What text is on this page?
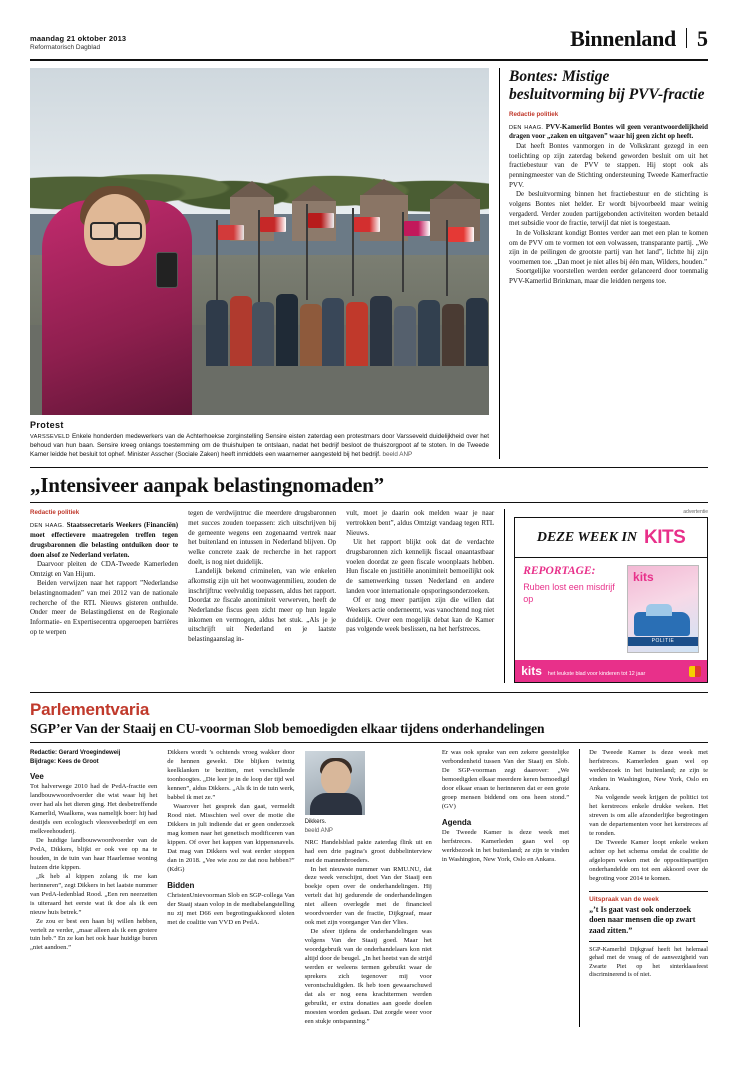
maandag 21 oktober 2013
Reformatorisch Dagblad	Binnenland 5
Protest
VARSSEVELD Enkele honderden medewerkers van de Achterhoekse zorginstelling Sensire eisten zaterdag een protestmars door Varsseveld duidelijkheid over het behoud van hun baan. Sensire kreeg onlangs toestemming om de thuishulpen te ontslaan, nadat het bedrijf besloot de thuiszorgpoot af te stoten. In de Tweede Kamer leidde het besluit tot ophef. Minister Asscher (Sociale Zaken) heeft inmiddels een waarnemer aangesteld bij het bedrijf. beeld ANP
Bontes: Mistige besluitvorming bij PVV-fractie
Redactie politiek

DEN HAAG. PVV-Kamerlid Bontes wil geen verantwoordelijkheid dragen voor „zaken en uitgaven” waar hij geen zicht op heeft.

Dat heeft Bontes vanmorgen in de Volkskrant gezegd in een toelichting op zijn zaterdag bekend geworden besluit om uit het fractiebestuur van de PVV te stappen. Hij stopt ook als penningmeester van de Stichting ondersteuning Tweede Kamerfractie PVV.

De besluitvorming binnen het fractiebestuur en de stichting is volgens Bontes niet helder. Er wordt bijvoorbeeld maar weinig vergaderd. Verder zouden partijgebonden activiteiten worden betaald met subsidie voor de fractie, terwijl dat niet is toegestaan.

In de Volkskrant kondigt Bontes verder aan met een plan te komen om de PVV om te vormen tot een volwassen, transparante partij. „We zijn in de peilingen de grootste partij van het land”, lichtte hij zijn voornemen toe. „Dan moet je niet alles bij één man, Wilders, houden.”

Soortgelijke voorstellen werden eerder gelanceerd door toenmalig PVV-Kamerlid Brinkman, maar die leidden nergens toe.

„Intensiveer aanpak belastingnomaden”
Redactie politiek

DEN HAAG. Staatssecretaris Weekers (Financiën) moet effectievere maatregelen treffen tegen drugsbaronnen die belasting ontduiken door te doen alsof ze Nederland verlaten.

Daarvoor pleiten de CDA-Tweede Kamerleden Omtzigt en Van Hijum.

Beiden verwijzen naar het rapport ”Nederlandse belastingnomaden” van mei 2012 van de nationale recherche of the RTL Nieuws gisteren onthulde. Onder meer de Belastingdienst en de Regionale Informatie- en Expertisecentra opgeroepen barrières op te werpen

tegen de verdwijntruc die meerdere drugsbaronnen met succes zouden toepassen: zich uitschrijven bij de gemeente wegens een zogenaamd vertrek naar het buitenland en intussen in Nederland blijven. Op welke concrete zaak de recherche in het rapport doelt, is nog niet duidelijk.

Landelijk bekend criminelen, van wie enkelen afkomstig zijn uit het woonwagenmilieu, zouden de inschrijftruc veelvuldig toepassen, aldus het rapport. Doordat ze fiscale anonimiteit verwerven, heeft de Nederlandse fiscus geen zicht meer op hun legale inkomen en vermogen, aldus het stuk. „Als je je uitschrijft uit Nederland en je laatste belastingaanslag in-

vult, moet je daarin ook melden waar je naar vertrokken bent”, aldus Omtzigt vandaag tegen RTL Nieuws.

Uit het rapport blijkt ook dat de verdachte drugsbaronnen zich kennelijk fiscaal onaantastbaar voelen doordat ze geen fiscale woonplaats hebben. Hun fiscale en justitiële anonimiteit bemoeilijkt ook de samenwerking tussen Nederland en andere landen voor internationale opsporingsonderzoeken.

Of er nog meer partijen zijn die willen dat Weekers actie onderneemt, was vanochtend nog niet duidelijk. Over een mogelijk debat kan de Kamer pas volgende week beslissen, na het herfstreces.

advertentie
DEZE WEEK IN KITS
REPORTAGE:
Ruben lost een misdrijf op
kits
POLITIE
kits het leukste blad voor kinderen tot 12 jaar
Parlementvaria
SGP’er Van der Staaij en CU-voorman Slob bemoedigden elkaar tijdens onderhandelingen
Redactie: Gerard Vroegindeweij
Bijdrage: Kees de Groot
Vee

Tot halverwege 2010 had de PvdA-fractie een landbouwwoordvoerder die wist waar hij het over had als het dieren ging. Het desbetreffende Kamerlid, Waalkens, was namelijk boer: hij had destijds een ecologisch vleesveebedrijf en een melkveehouderij.

De huidige landbouwwoordvoerder van de PvdA, Dikkers, blijkt er ook vee op na te houden, in de tuin van haar Haarlemse woning huizen drie kippen.

„Ik heb al kippen zolang ik me kan herinneren”, zegt Dikkers in het laatste nummer van PvdA-ledenblad Rood. „Een ren neerzetten is uiteraard het eerste wat ik doe als ik een nieuw huis betrek.”

Ze zou er best een haan bij willen hebben, vertelt ze verder, „maar alleen als ik een grotere tuin heb.” En ze kan het ook haar huidige buren „niet aandoen.”

Dikkers wordt ’s ochtends vroeg wakker door de hennen gewekt. Die blijken twintig keelklanken te bezitten, met verschillende toonhoogtes. „Die leer je in de loop der tijd wel kennen”, aldus Dikkers. „Als ik in de tuin werk, babbel ik met ze.”

Waarover het gesprek dan gaat, vermeldt Rood niet. Misschien wel over de motie die Dikkers in juli indiende dat er geen onderzoek mag komen naar het genetisch modificeren van kippen. Of over het kappen van kippensnavels. Dat mag van Dikkers wel wat eerder stoppen dan in 2018. „Vee wie zou ze dat nou hebben?” (KdG)

Bidden

ChristenUnievoorman Slob en SGP-collega Van der Staaij staan volop in de mediabelangstelling nu zij met D66 een begrotingsakkoord sloten met de coalitie van VVD en PvdA.

Dikkers.
beeld ANP

NRC Handelsblad pakte zaterdag flink uit en had een drie pagina’s groot dubbelinterview met de mannenbroeders.

In het nieuwste nummer van RMU.NU, dat deze week verschijnt, doet Van der Staaij een boekje open over de onderhandelingen. Hij vertelt dat hij gedurende de onderhandelingen niet alleen overlegde met de financieel woordvoerder van de fractie, Dijkgraaf, maar ook met zijn voorganger Van der Vlies.

De sfeer tijdens de onderhandelingen was volgens Van der Staaij goed. Maar het woordgebruik van de onderhandelaars kon niet altijd door de beugel. „In het heetst van de strijd werden er weleens termen gebruikt waar de sprekers zich tegenover mij voor verontschuldigden. Ik heb toen gewaarschuwd dat als er nog eens krachttermen werden gebruikt, er extra donaties aan goede doelen moesten worden gedaan. Dat zorgde weer voor een stukje ontspanning.”

Er was ook sprake van een zekere geestelijke verbondenheid tussen Van der Staaij en Slob. De SGP-voorman zegt daarover: „We bemoedigden elkaar meerdere keren bemoedigd door elkaar eraan te herinneren dat er een grote groep mensen biddend om ons heen stond.” (GV)

Agenda

De Tweede Kamer is deze week met herfstreces. Kamerleden gaan wel op werkbezoek in het buitenland; ze zijn te vinden in Washington, New York, Oslo en Ankara.

De Tweede Kamer is deze week met herfstreces. Kamerleden gaan wel op werkbezoek in het buitenland; ze zijn te vinden in Washington, New York, Oslo en Ankara.

Na volgende week krijgen de politici tot het kerstreces enkele drukke weken. Het streven is om alle afzonderlijke begrotingen van de departementen voor het kerstreces af te ronden.

De Tweede Kamer loopt enkele weken achter op het schema omdat de coalitie de afgelopen weken met de oppositiepartijen onderhandelde om tot een akkoord over de begroting voor 2014 te komen.

Uitspraak van de week
„’t Is gaat vast ook onderzoek doen naar mensen die op zwart zaad zitten.”
SGP-Kamerlid Dijkgraaf heeft het helemaal gehad met de vraag of de aanwezigheid van Zwarte Piet op het sinterklaasfeest discriminerend is of niet.
